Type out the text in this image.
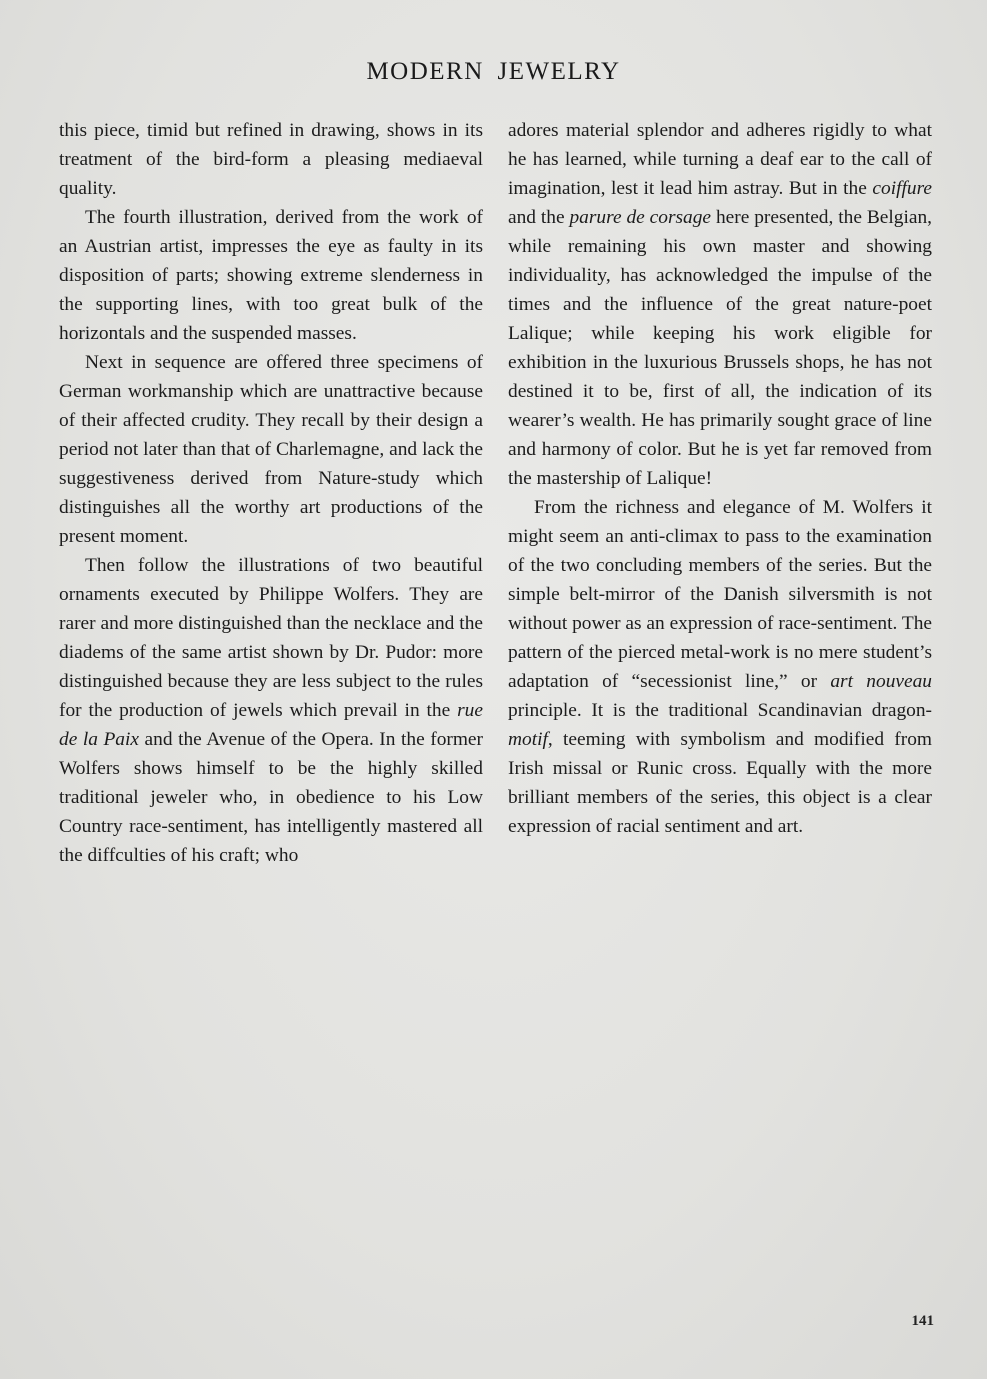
MODERN JEWELRY

this piece, timid but refined in drawing, shows in its treatment of the bird-form a pleasing mediaeval quality.

The fourth illustration, derived from the work of an Austrian artist, impresses the eye as faulty in its disposition of parts; showing extreme slenderness in the supporting lines, with too great bulk of the horizontals and the suspended masses.

Next in sequence are offered three specimens of German workmanship which are unattractive because of their affected crudity. They recall by their design a period not later than that of Charlemagne, and lack the suggestiveness derived from Nature-study which distinguishes all the worthy art productions of the present moment.

Then follow the illustrations of two beautiful ornaments executed by Philippe Wolfers. They are rarer and more distinguished than the necklace and the diadems of the same artist shown by Dr. Pudor: more distinguished because they are less subject to the rules for the production of jewels which prevail in the rue de la Paix and the Avenue of the Opera. In the former Wolfers shows himself to be the highly skilled traditional jeweler who, in obedience to his Low Country race-sentiment, has intelligently mastered all the diffculties of his craft; who

adores material splendor and adheres rigidly to what he has learned, while turning a deaf ear to the call of imagination, lest it lead him astray. But in the coiffure and the parure de corsage here presented, the Belgian, while remaining his own master and showing individuality, has acknowledged the impulse of the times and the influence of the great nature-poet Lalique; while keeping his work eligible for exhibition in the luxurious Brussels shops, he has not destined it to be, first of all, the indication of its wearer’s wealth. He has primarily sought grace of line and harmony of color. But he is yet far removed from the mastership of Lalique!

From the richness and elegance of M. Wolfers it might seem an anti-climax to pass to the examination of the two concluding members of the series. But the simple belt-mirror of the Danish silversmith is not without power as an expression of race-sentiment. The pattern of the pierced metal-work is no mere student’s adaptation of “secessionist line,” or art nouveau principle. It is the traditional Scandinavian dragon-motif, teeming with symbolism and modified from Irish missal or Runic cross. Equally with the more brilliant members of the series, this object is a clear expression of racial sentiment and art.

141
